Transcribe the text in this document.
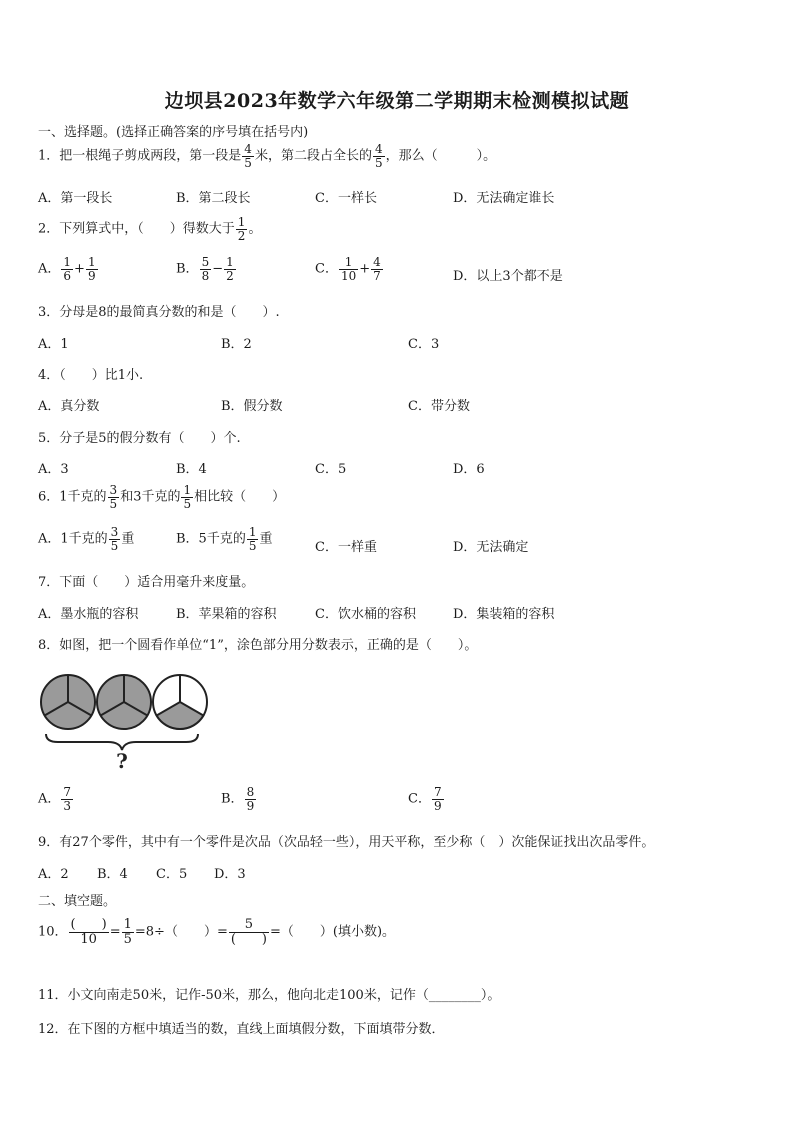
边坝县2023年数学六年级第二学期期末检测模拟试题
一、选择题。(选择正确答案的序号填在括号内)
1．把一根绳子剪成两段，第一段是 $\frac{4}{5}$ 米，第二段占全长的 $\frac{4}{5}$ ，那么（　　　）。
A．第一段长	B．第二段长	C．一样长	D．无法确定谁长
2．下列算式中，（　　）得数大于 $\frac{1}{2}$ 。
A． $\frac{1}{6} + \frac{1}{9}$	B． $\frac{5}{8} - \frac{1}{2}$	C． $\frac{1}{10} + \frac{4}{7}$	D．以上3个都不是
3．分母是8的最简真分数的和是（　　）.
A．1	B．2	C．3
4．（　　）比1小.
A．真分数	B．假分数	C．带分数
5．分子是5的假分数有（　　）个.
A．3	B．4	C．5	D．6
6．1千克的 $\frac{3}{5}$ 和3千克的 $\frac{1}{5}$ 相比较（　　）
A．1千克的 $\frac{3}{5}$ 重	B．5千克的 $\frac{1}{5}$ 重
C．一样重	D．无法确定
7．下面（　　）适合用毫升来度量。
A．墨水瓶的容积	B．苹果箱的容积	C．饮水桶的容积	D．集装箱的容积
8．如图，把一个圆看作单位“1”，涂色部分用分数表示，正确的是（　　）。
?
A． $\frac{7}{3}$	B． $\frac{8}{9}$	C． $\frac{7}{9}$
9．有27个零件，其中有一个零件是次品（次品轻一些），用天平称，至少称（　）次能保证找出次品零件。
A．2 B．4 C．5 D．3
二、填空题。
10． $\frac{( )}{10} = \frac{1}{5} =8\div$（　　）= $\frac{5}{( )}$ =（　　）(填小数)。
11．小文向南走50米，记作-50米，那么，他向北走100米，记作（________）。
12．在下图的方框中填适当的数，直线上面填假分数，下面填带分数．
